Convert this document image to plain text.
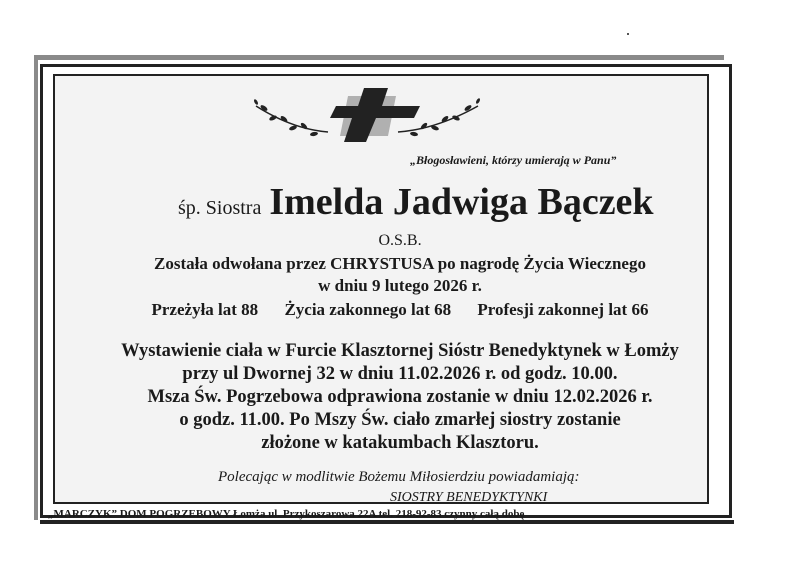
„Błogosławieni, którzy umierają w Panu”
śp. Siostra Imelda Jadwiga Bączek
O.S.B.
Została odwołana przez CHRYSTUSA po nagrodę Życia Wiecznego
w dniu 9 lutego 2026 r.
Przeżyła lat 88 Życia zakonnego lat 68 Profesji zakonnej lat 66
Wystawienie ciała w Furcie Klasztornej Sióstr Benedyktynek w Łomży
przy ul Dwornej 32 w dniu 11.02.2026 r. od godz. 10.00.
Msza Św. Pogrzebowa odprawiona zostanie w dniu 12.02.2026 r.
o godz. 11.00. Po Mszy Św. ciało zmarłej siostry zostanie
złożone w katakumbach Klasztoru.
Polecając w modlitwie Bożemu Miłosierdziu powiadamiają:
SIOSTRY BENEDYKTYNKI
„MARCZYK” DOM POGRZEBOWY Łomża ul. Przykoszarowa 22A tel. 218-92-83 czynny całą dobę
